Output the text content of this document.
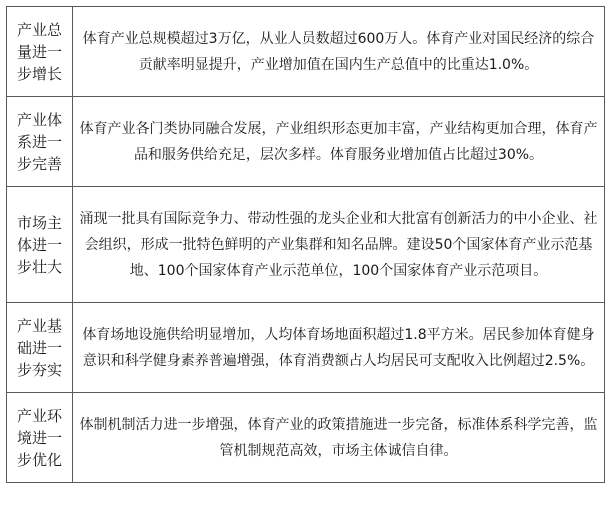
产业总量进一步增长	体育产业总规模超过3万亿，从业人员数超过600万人。体育产业对国民经济的综合贡献率明显提升，产业增加值在国内生产总值中的比重达1.0%。

产业体系进一步完善	体育产业各门类协同融合发展，产业组织形态更加丰富，产业结构更加合理，体育产品和服务供给充足，层次多样。体育服务业增加值占比超过30%。

市场主体进一步壮大	涌现一批具有国际竞争力、带动性强的龙头企业和大批富有创新活力的中小企业、社会组织，形成一批特色鲜明的产业集群和知名品牌。建设50个国家体育产业示范基地、100个国家体育产业示范单位，100个国家体育产业示范项目。

产业基础进一步夯实	体育场地设施供给明显增加，人均体育场地面积超过1.8平方米。居民参加体育健身意识和科学健身素养普遍增强，体育消费额占人均居民可支配收入比例超过2.5%。

产业环境进一步优化	体制机制活力进一步增强，体育产业的政策措施进一步完备，标准体系科学完善，监管机制规范高效，市场主体诚信自律。
